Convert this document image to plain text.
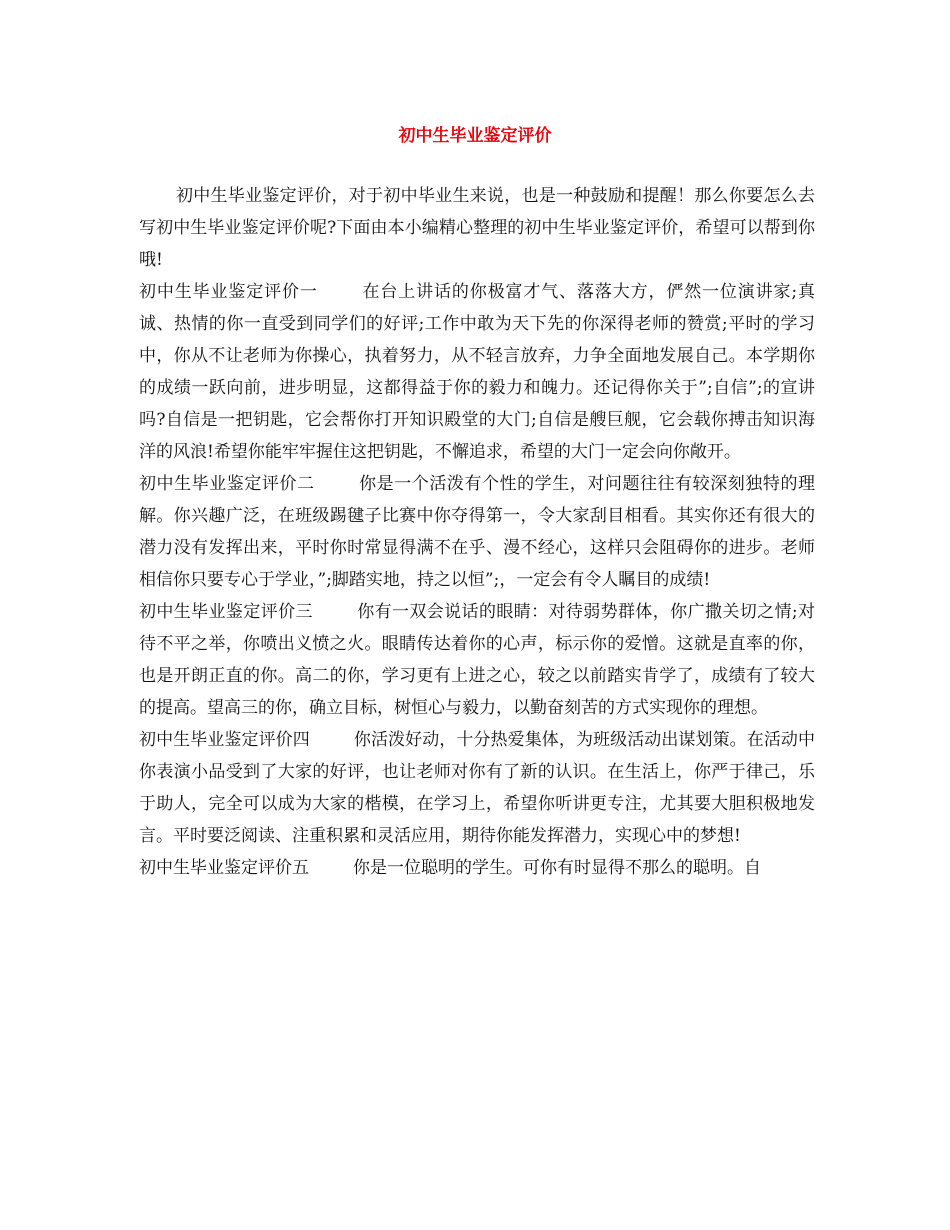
初中生毕业鉴定评价

初中生毕业鉴定评价，对于初中毕业生来说，也是一种鼓励和提醒！那么你要怎么去写初中生毕业鉴定评价呢?下面由本小编精心整理的初中生毕业鉴定评价，希望可以帮到你哦!

初中生毕业鉴定评价一	在台上讲话的你极富才气、落落大方，俨然一位演讲家;真诚、热情的你一直受到同学们的好评;工作中敢为天下先的你深得老师的赞赏;平时的学习中，你从不让老师为你操心，执着努力，从不轻言放弃，力争全面地发展自己。本学期你的成绩一跃向前，进步明显，这都得益于你的毅力和魄力。还记得你关于”;自信”;的宣讲吗?自信是一把钥匙，它会帮你打开知识殿堂的大门;自信是艘巨舰，它会载你搏击知识海洋的风浪!希望你能牢牢握住这把钥匙，不懈追求，希望的大门一定会向你敞开。

初中生毕业鉴定评价二	你是一个活泼有个性的学生，对问题往往有较深刻独特的理解。你兴趣广泛，在班级踢毽子比赛中你夺得第一，令大家刮目相看。其实你还有很大的潜力没有发挥出来，平时你时常显得满不在乎、漫不经心，这样只会阻碍你的进步。老师相信你只要专心于学业，”;脚踏实地，持之以恒”;，一定会有令人瞩目的成绩!

初中生毕业鉴定评价三	你有一双会说话的眼睛：对待弱势群体，你广撒关切之情;对待不平之举，你喷出义愤之火。眼睛传达着你的心声，标示你的爱憎。这就是直率的你，也是开朗正直的你。高二的你，学习更有上进之心，较之以前踏实肯学了，成绩有了较大的提高。望高三的你，确立目标，树恒心与毅力，以勤奋刻苦的方式实现你的理想。

初中生毕业鉴定评价四	你活泼好动，十分热爱集体，为班级活动出谋划策。在活动中你表演小品受到了大家的好评，也让老师对你有了新的认识。在生活上，你严于律己，乐于助人，完全可以成为大家的楷模，在学习上，希望你听讲更专注，尤其要大胆积极地发言。平时要泛阅读、注重积累和灵活应用，期待你能发挥潜力，实现心中的梦想!

初中生毕业鉴定评价五	你是一位聪明的学生。可你有时显得不那么的聪明。自
